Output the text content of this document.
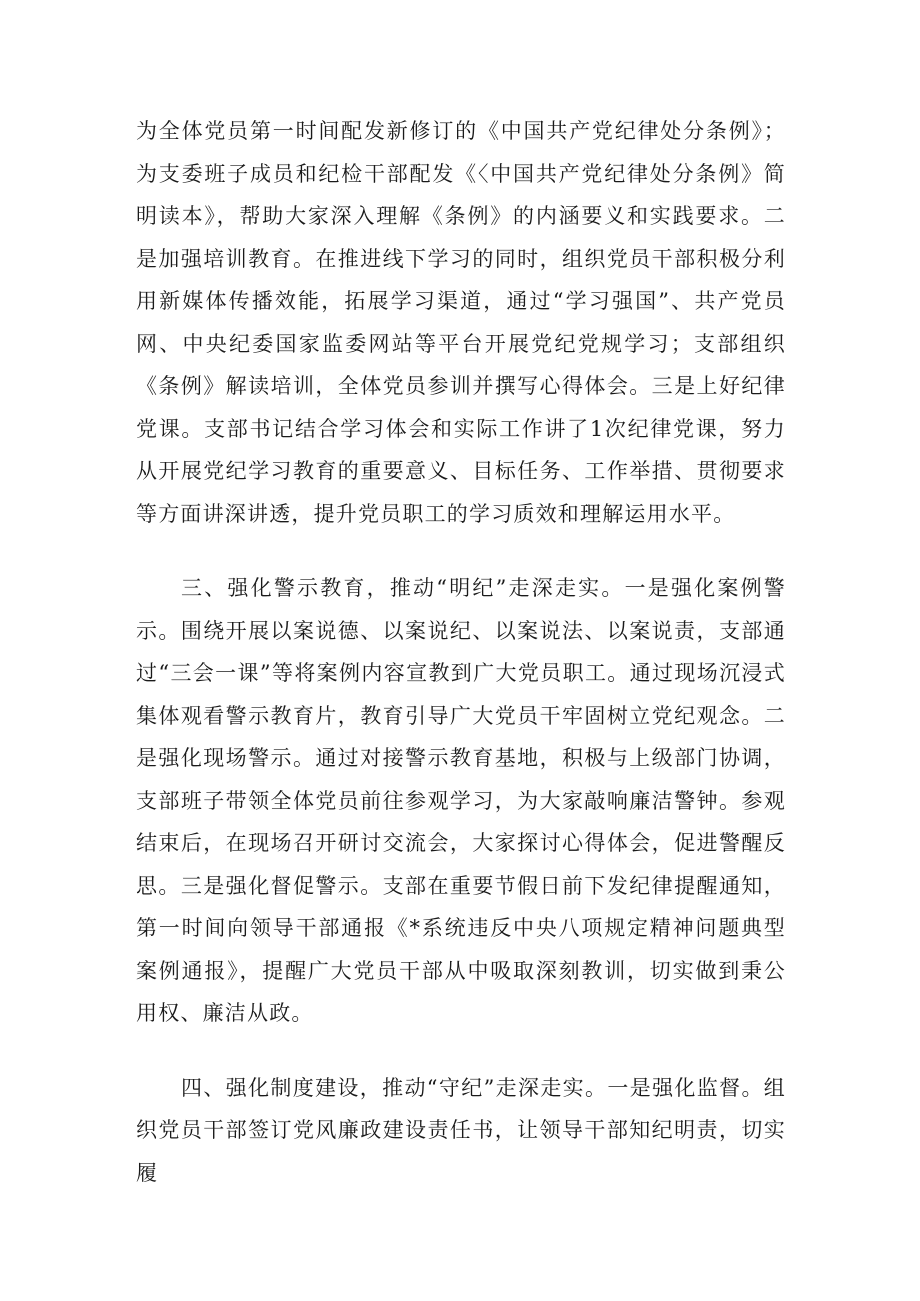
为全体党员第一时间配发新修订的《中国共产党纪律处分条例》；为支委班子成员和纪检干部配发《〈中国共产党纪律处分条例》简明读本》，帮助大家深入理解《条例》的内涵要义和实践要求。二是加强培训教育。在推进线下学习的同时，组织党员干部积极分利用新媒体传播效能，拓展学习渠道，通过“学习强国”、共产党员网、中央纪委国家监委网站等平台开展党纪党规学习；支部组织《条例》解读培训，全体党员参训并撰写心得体会。三是上好纪律党课。支部书记结合学习体会和实际工作讲了1次纪律党课，努力从开展党纪学习教育的重要意义、目标任务、工作举措、贯彻要求等方面讲深讲透，提升党员职工的学习质效和理解运用水平。

三、强化警示教育，推动“明纪”走深走实。一是强化案例警示。围绕开展以案说德、以案说纪、以案说法、以案说责，支部通过“三会一课”等将案例内容宣教到广大党员职工。通过现场沉浸式集体观看警示教育片，教育引导广大党员干牢固树立党纪观念。二是强化现场警示。通过对接警示教育基地，积极与上级部门协调，支部班子带领全体党员前往参观学习，为大家敲响廉洁警钟。参观结束后，在现场召开研讨交流会，大家探讨心得体会，促进警醒反思。三是强化督促警示。支部在重要节假日前下发纪律提醒通知，第一时间向领导干部通报《*系统违反中央八项规定精神问题典型案例通报》，提醒广大党员干部从中吸取深刻教训，切实做到秉公用权、廉洁从政。

四、强化制度建设，推动“守纪”走深走实。一是强化监督。组织党员干部签订党风廉政建设责任书，让领导干部知纪明责，切实履
